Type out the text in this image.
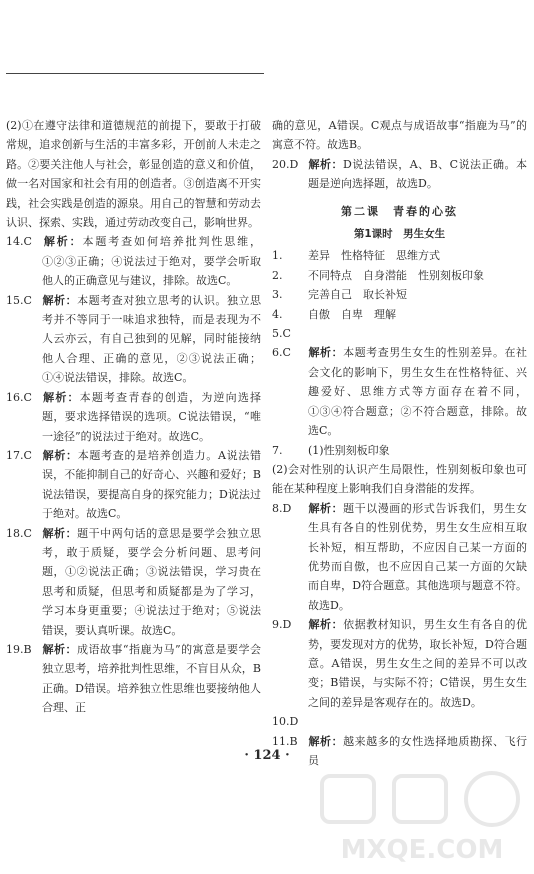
(2)①在遵守法律和道德规范的前提下，要敢于打破常规，追求创新与生活的丰富多彩，开创前人未走之路。②要关注他人与社会，彰显创造的意义和价值，做一名对国家和社会有用的创造者。③创造离不开实践，社会实践是创造的源泉。用自己的智慧和劳动去认识、探索、实践，通过劳动改变自己，影响世界。

14.C 解析：本题考查如何培养批判性思维，①②③正确；④说法过于绝对，要学会听取他人的正确意见与建议，排除。故选C。

15.C 解析：本题考查对独立思考的认识。独立思考并不等同于一味追求独特，而是表现为不人云亦云，有自己独到的见解，同时能接纳他人合理、正确的意见，②③说法正确；①④说法错误，排除。故选C。

16.C 解析：本题考查青春的创造，为逆向选择题，要求选择错误的选项。C说法错误，“唯一途径”的说法过于绝对。故选C。

17.C 解析：本题考查的是培养创造力。A说法错误，不能抑制自己的好奇心、兴趣和爱好；B说法错误，要提高自身的探究能力；D说法过于绝对。故选C。

18.C 解析：题干中两句话的意思是要学会独立思考，敢于质疑，要学会分析问题、思考问题，①②说法正确；③说法错误，学习贵在思考和质疑，但思考和质疑都是为了学习，学习本身更重要；④说法过于绝对；⑤说法错误，要认真听课。故选C。

19.B 解析：成语故事“指鹿为马”的寓意是要学会独立思考，培养批判性思维，不盲目从众，B正确。D错误。培养独立性思维也要接纳他人合理、正

确的意见，A错误。C观点与成语故事“指鹿为马”的寓意不符。故选B。

20.D 解析：D说法错误，A、B、C说法正确。本题是逆向选择题，故选D。

第二课　青春的心弦

第1课时　男生女生

1. 差异　性格特征　思维方式

2. 不同特点　自身潜能　性别刻板印象

3. 完善自己　取长补短

4. 自傲　自卑　理解

5.C

6.C 解析：本题考查男生女生的性别差异。在社会文化的影响下，男生女生在性格特征、兴趣爱好、思维方式等方面存在着不同，①③④符合题意；②不符合题意，排除。故选C。

7. (1)性别刻板印象

(2)会对性别的认识产生局限性，性别刻板印象也可能在某种程度上影响我们自身潜能的发挥。

8.D 解析：题干以漫画的形式告诉我们，男生女生具有各自的性别优势，男生女生应相互取长补短，相互帮助，不应因自己某一方面的优势而自傲，也不应因自己某一方面的欠缺而自卑，D符合题意。其他选项与题意不符。故选D。

9.D 解析：依据教材知识，男生女生有各自的优势，要发现对方的优势，取长补短，D符合题意。A错误，男生女生之间的差异不可以改变；B错误，与实际不符；C错误，男生女生之间的差异是客观存在的。故选D。

10.D

11.B 解析：越来越多的女性选择地质勘探、飞行员

· 124 ·
MXQE.COM
